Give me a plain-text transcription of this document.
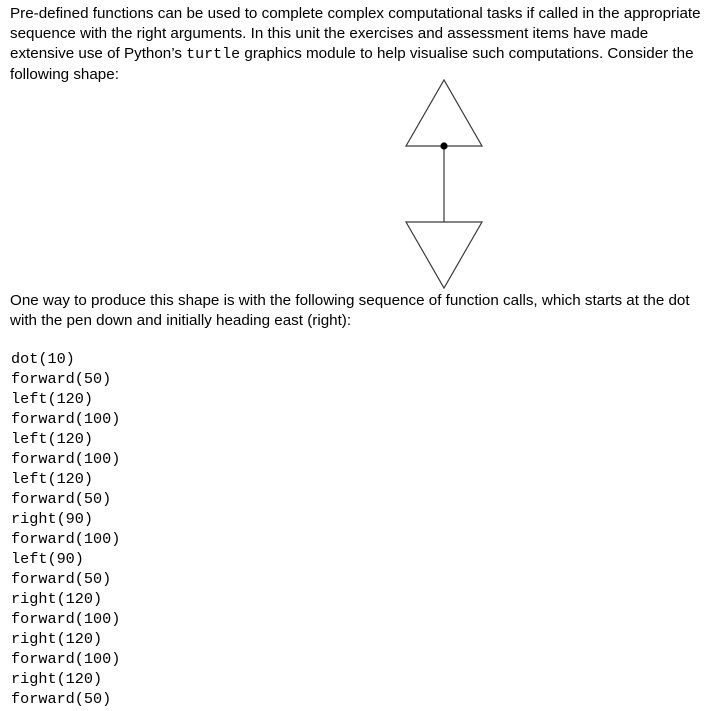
Pre-defined functions can be used to complete complex computational tasks if called in the appropriate sequence with the right arguments. In this unit the exercises and assessment items have made extensive use of Python’s turtle graphics module to help visualise such computations. Consider the following shape:

One way to produce this shape is with the following sequence of function calls, which starts at the dot with the pen down and initially heading east (right):

dot(10)
forward(50)
left(120)
forward(100)
left(120)
forward(100)
left(120)
forward(50)
right(90)
forward(100)
left(90)
forward(50)
right(120)
forward(100)
right(120)
forward(100)
right(120)
forward(50)
